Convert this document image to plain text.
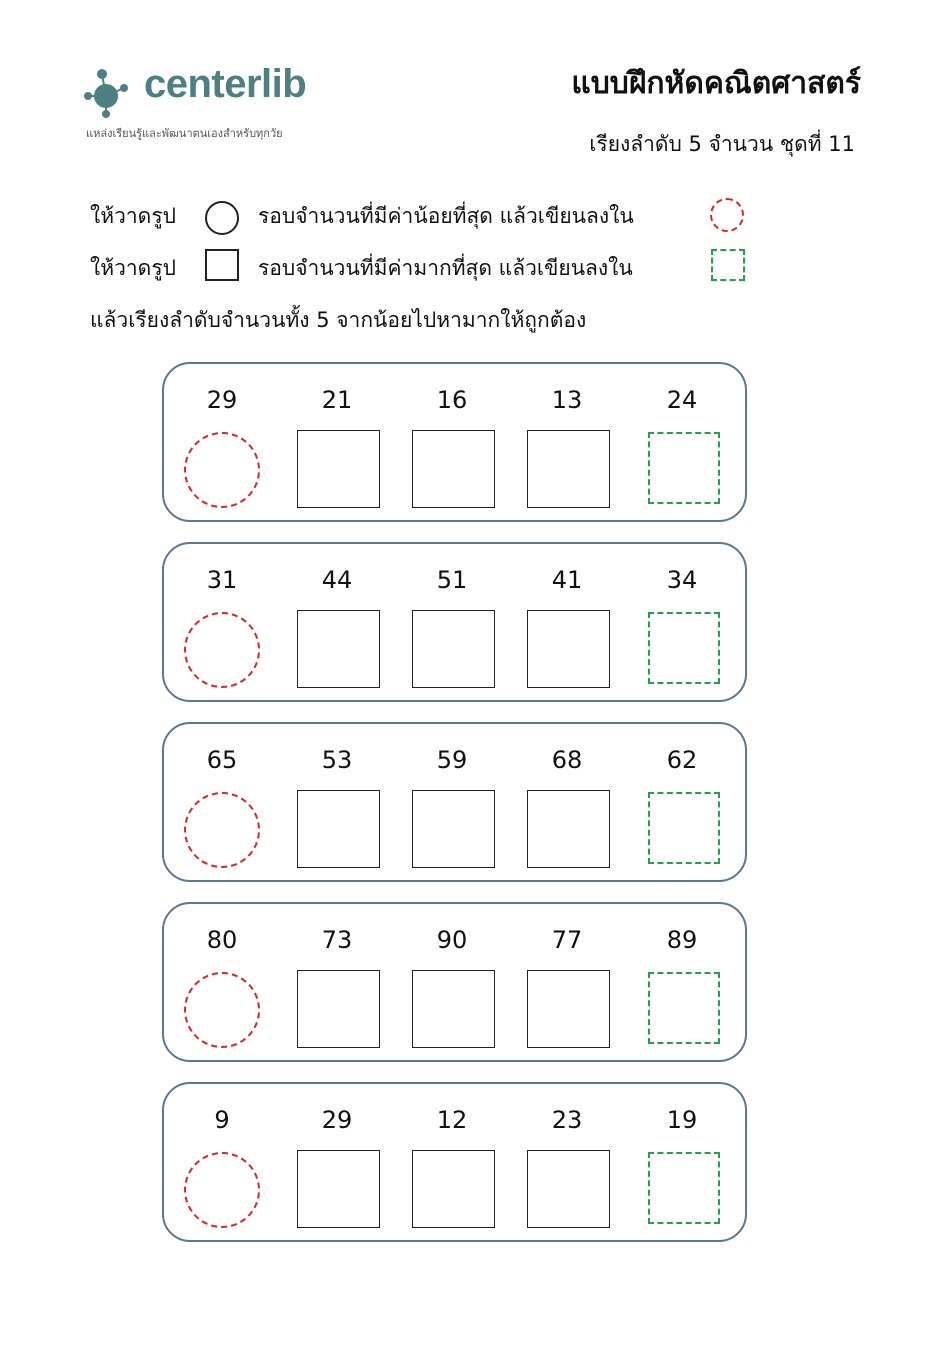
centerlib
แหล่งเรียนรู้และพัฒนาตนเองสำหรับทุกวัย
แบบฝึกหัดคณิตศาสตร์
เรียงลำดับ 5 จำนวน ชุดที่ 11
ให้วาดรูป	รอบจำนวนที่มีค่าน้อยที่สุด แล้วเขียนลงใน
ให้วาดรูป	รอบจำนวนที่มีค่ามากที่สุด แล้วเขียนลงใน
แล้วเรียงลำดับจำนวนทั้ง 5 จากน้อยไปหามากให้ถูกต้อง
29	21	16	13	24
31	44	51	41	34
65	53	59	68	62
80	73	90	77	89
9	29	12	23	19
